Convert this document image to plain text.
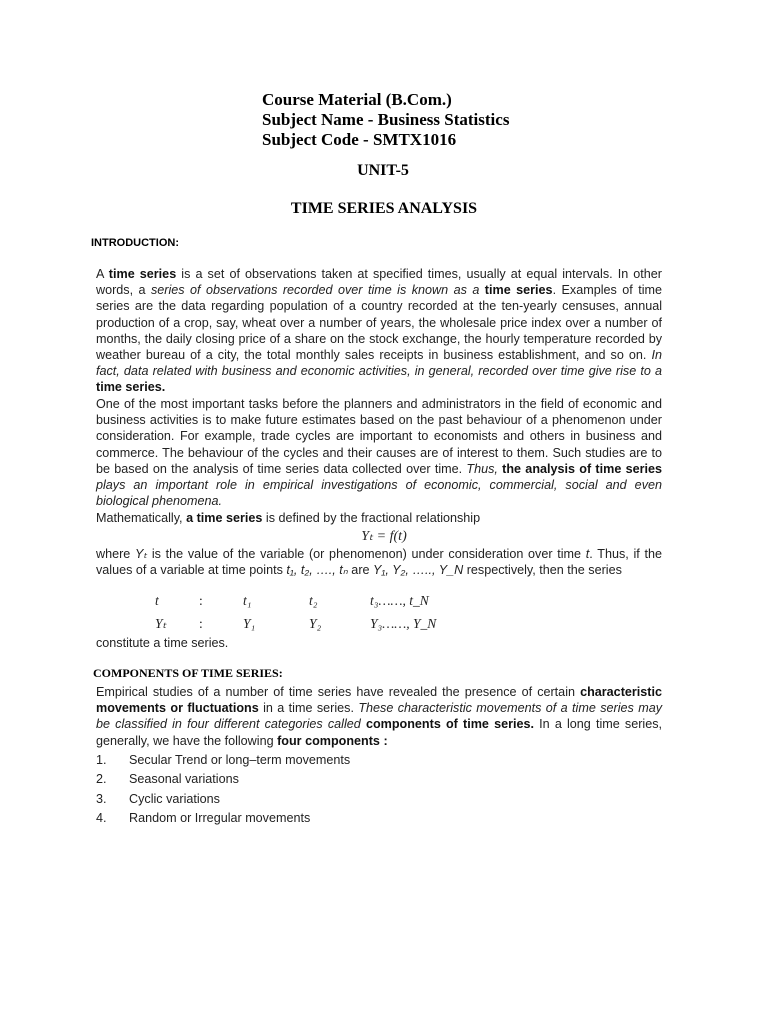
Course Material (B.Com.)
Subject Name - Business Statistics
Subject Code - SMTX1016
UNIT-5
TIME SERIES ANALYSIS
INTRODUCTION:

A time series is a set of observations taken at specified times, usually at equal intervals. In other words, a series of observations recorded over time is known as a time series. Examples of time series are the data regarding population of a country recorded at the ten-yearly censuses, annual production of a crop, say, wheat over a number of years, the wholesale price index over a number of months, the daily closing price of a share on the stock exchange, the hourly temperature recorded by weather bureau of a city, the total monthly sales receipts in business establishment, and so on. In fact, data related with business and economic activities, in general, recorded over time give rise to a time series.

One of the most important tasks before the planners and administrators in the field of economic and business activities is to make future estimates based on the past behaviour of a phenomenon under consideration. For example, trade cycles are important to economists and others in business and commerce. The behaviour of the cycles and their causes are of interest to them. Such studies are to be based on the analysis of time series data collected over time. Thus, the analysis of time series plays an important role in empirical investigations of economic, commercial, social and even biological phenomena.

Mathematically, a time series is defined by the fractional relationship

Yₜ = f(t)

where Yₜ is the value of the variable (or phenomenon) under consideration over time t. Thus, if the values of a variable at time points t₁, t₂, …., tₙ are Y₁, Y₂, ….., Y_N respectively, then the series

t	:	t₁	t₂	t₃……, t_N
Yₜ	:	Y₁	Y₂	Y₃……, Y_N

constitute a time series.

COMPONENTS OF TIME SERIES:

Empirical studies of a number of time series have revealed the presence of certain characteristic movements or fluctuations in a time series. These characteristic movements of a time series may be classified in four different categories called components of time series. In a long time series, generally, we have the following four components :

1.	Secular Trend or long–term movements
2.	Seasonal variations
3.	Cyclic variations
4.	Random or Irregular movements
